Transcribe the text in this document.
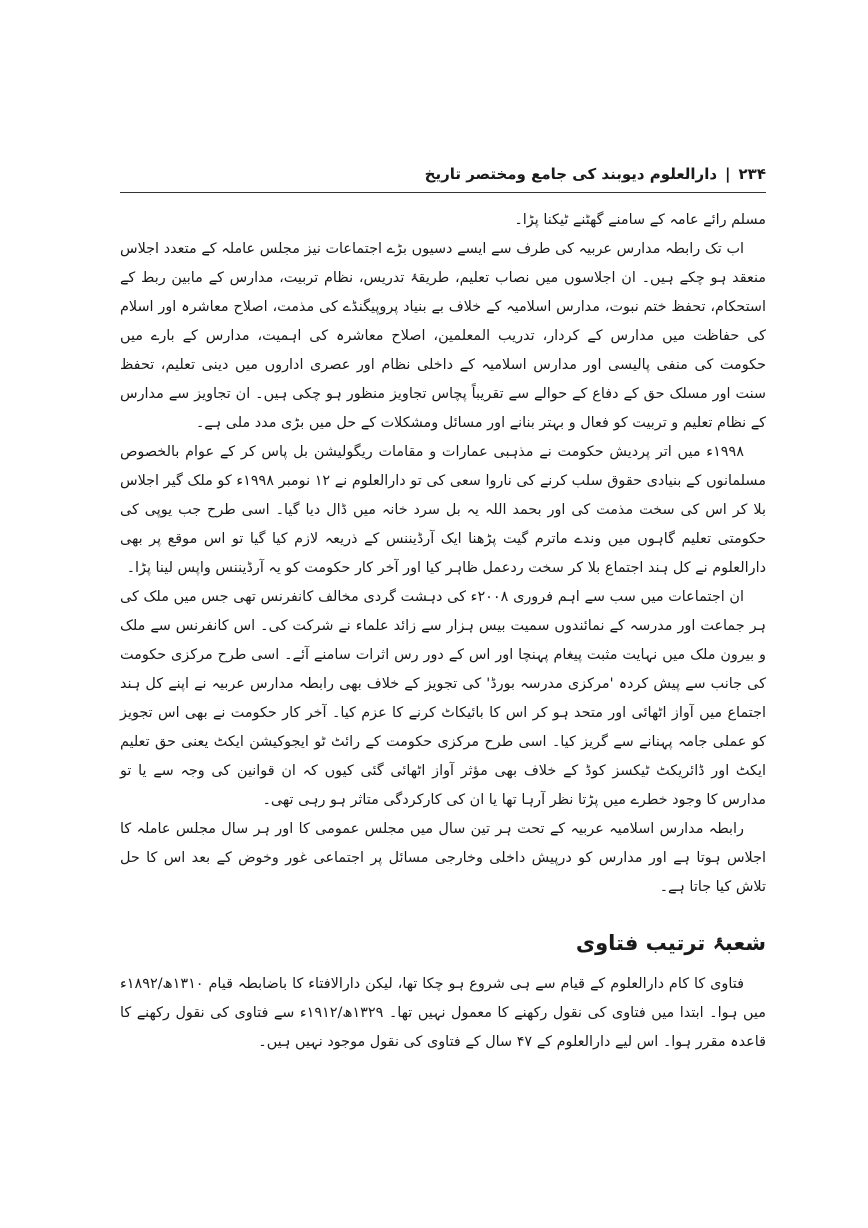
۲۳۴
|
دارالعلوم دیوبند کی جامع ومختصر تاریخ

مسلم رائے عامہ کے سامنے گھٹنے ٹیکنا پڑا۔

اب تک رابطہ مدارس عربیہ کی طرف سے ایسے دسیوں بڑے اجتماعات نیز مجلس عاملہ کے متعدد اجلاس منعقد ہو چکے ہیں۔ ان اجلاسوں میں نصاب تعلیم، طریقۂ تدریس، نظام تربیت، مدارس کے مابین ربط کے استحکام، تحفظ ختم نبوت، مدارس اسلامیہ کے خلاف بے بنیاد پروپیگنڈے کی مذمت، اصلاح معاشرہ اور اسلام کی حفاظت میں مدارس کے کردار، تدریب المعلمین، اصلاح معاشرہ کی اہمیت، مدارس کے بارے میں حکومت کی منفی پالیسی اور مدارس اسلامیہ کے داخلی نظام اور عصری اداروں میں دینی تعلیم، تحفظ سنت اور مسلک حق کے دفاع کے حوالے سے تقریباً پچاس تجاویز منظور ہو چکی ہیں۔ ان تجاویز سے مدارس کے نظام تعلیم و تربیت کو فعال و بہتر بنانے اور مسائل ومشکلات کے حل میں بڑی مدد ملی ہے۔

۱۹۹۸ء میں اتر پردیش حکومت نے مذہبی عمارات و مقامات ریگولیشن بل پاس کر کے عوام بالخصوص مسلمانوں کے بنیادی حقوق سلب کرنے کی ناروا سعی کی تو دارالعلوم نے ۱۲ نومبر ۱۹۹۸ء کو ملک گیر اجلاس بلا کر اس کی سخت مذمت کی اور بحمد اللہ یہ بل سرد خانہ میں ڈال دیا گیا۔ اسی طرح جب یوپی کی حکومتی تعلیم گاہوں میں وندے ماترم گیت پڑھنا ایک آرڈیننس کے ذریعہ لازم کیا گیا تو اس موقع پر بھی دارالعلوم نے کل ہند اجتماع بلا کر سخت ردعمل ظاہر کیا اور آخر کار حکومت کو یہ آرڈیننس واپس لینا پڑا۔

ان اجتماعات میں سب سے اہم فروری ۲۰۰۸ء کی دہشت گردی مخالف کانفرنس تھی جس میں ملک کی ہر جماعت اور مدرسہ کے نمائندوں سمیت بیس ہزار سے زائد علماء نے شرکت کی۔ اس کانفرنس سے ملک و بیرون ملک میں نہایت مثبت پیغام پہنچا اور اس کے دور رس اثرات سامنے آئے۔ اسی طرح مرکزی حکومت کی جانب سے پیش کردہ 'مرکزی مدرسہ بورڈ' کی تجویز کے خلاف بھی رابطہ مدارس عربیہ نے اپنے کل ہند اجتماع میں آواز اٹھائی اور متحد ہو کر اس کا بائیکاٹ کرنے کا عزم کیا۔ آخر کار حکومت نے بھی اس تجویز کو عملی جامہ پہنانے سے گریز کیا۔ اسی طرح مرکزی حکومت کے رائٹ ٹو ایجوکیشن ایکٹ یعنی حق تعلیم ایکٹ اور ڈائریکٹ ٹیکسز کوڈ کے خلاف بھی مؤثر آواز اٹھائی گئی کیوں کہ ان قوانین کی وجہ سے یا تو مدارس کا وجود خطرے میں پڑتا نظر آرہا تھا یا ان کی کارکردگی متاثر ہو رہی تھی۔

رابطہ مدارس اسلامیہ عربیہ کے تحت ہر تین سال میں مجلس عمومی کا اور ہر سال مجلس عاملہ کا اجلاس ہوتا ہے اور مدارس کو درپیش داخلی وخارجی مسائل پر اجتماعی غور وخوض کے بعد اس کا حل تلاش کیا جاتا ہے۔

شعبۂ ترتیب فتاوی

فتاوی کا کام دارالعلوم کے قیام سے ہی شروع ہو چکا تھا، لیکن دارالافتاء کا باضابطہ قیام ۱۳۱۰ھ/۱۸۹۲ء میں ہوا۔ ابتدا میں فتاوی کی نقول رکھنے کا معمول نہیں تھا۔ ۱۳۲۹ھ/۱۹۱۲ء سے فتاوی کی نقول رکھنے کا قاعدہ مقرر ہوا۔ اس لیے دارالعلوم کے ۴۷ سال کے فتاوی کی نقول موجود نہیں ہیں۔
